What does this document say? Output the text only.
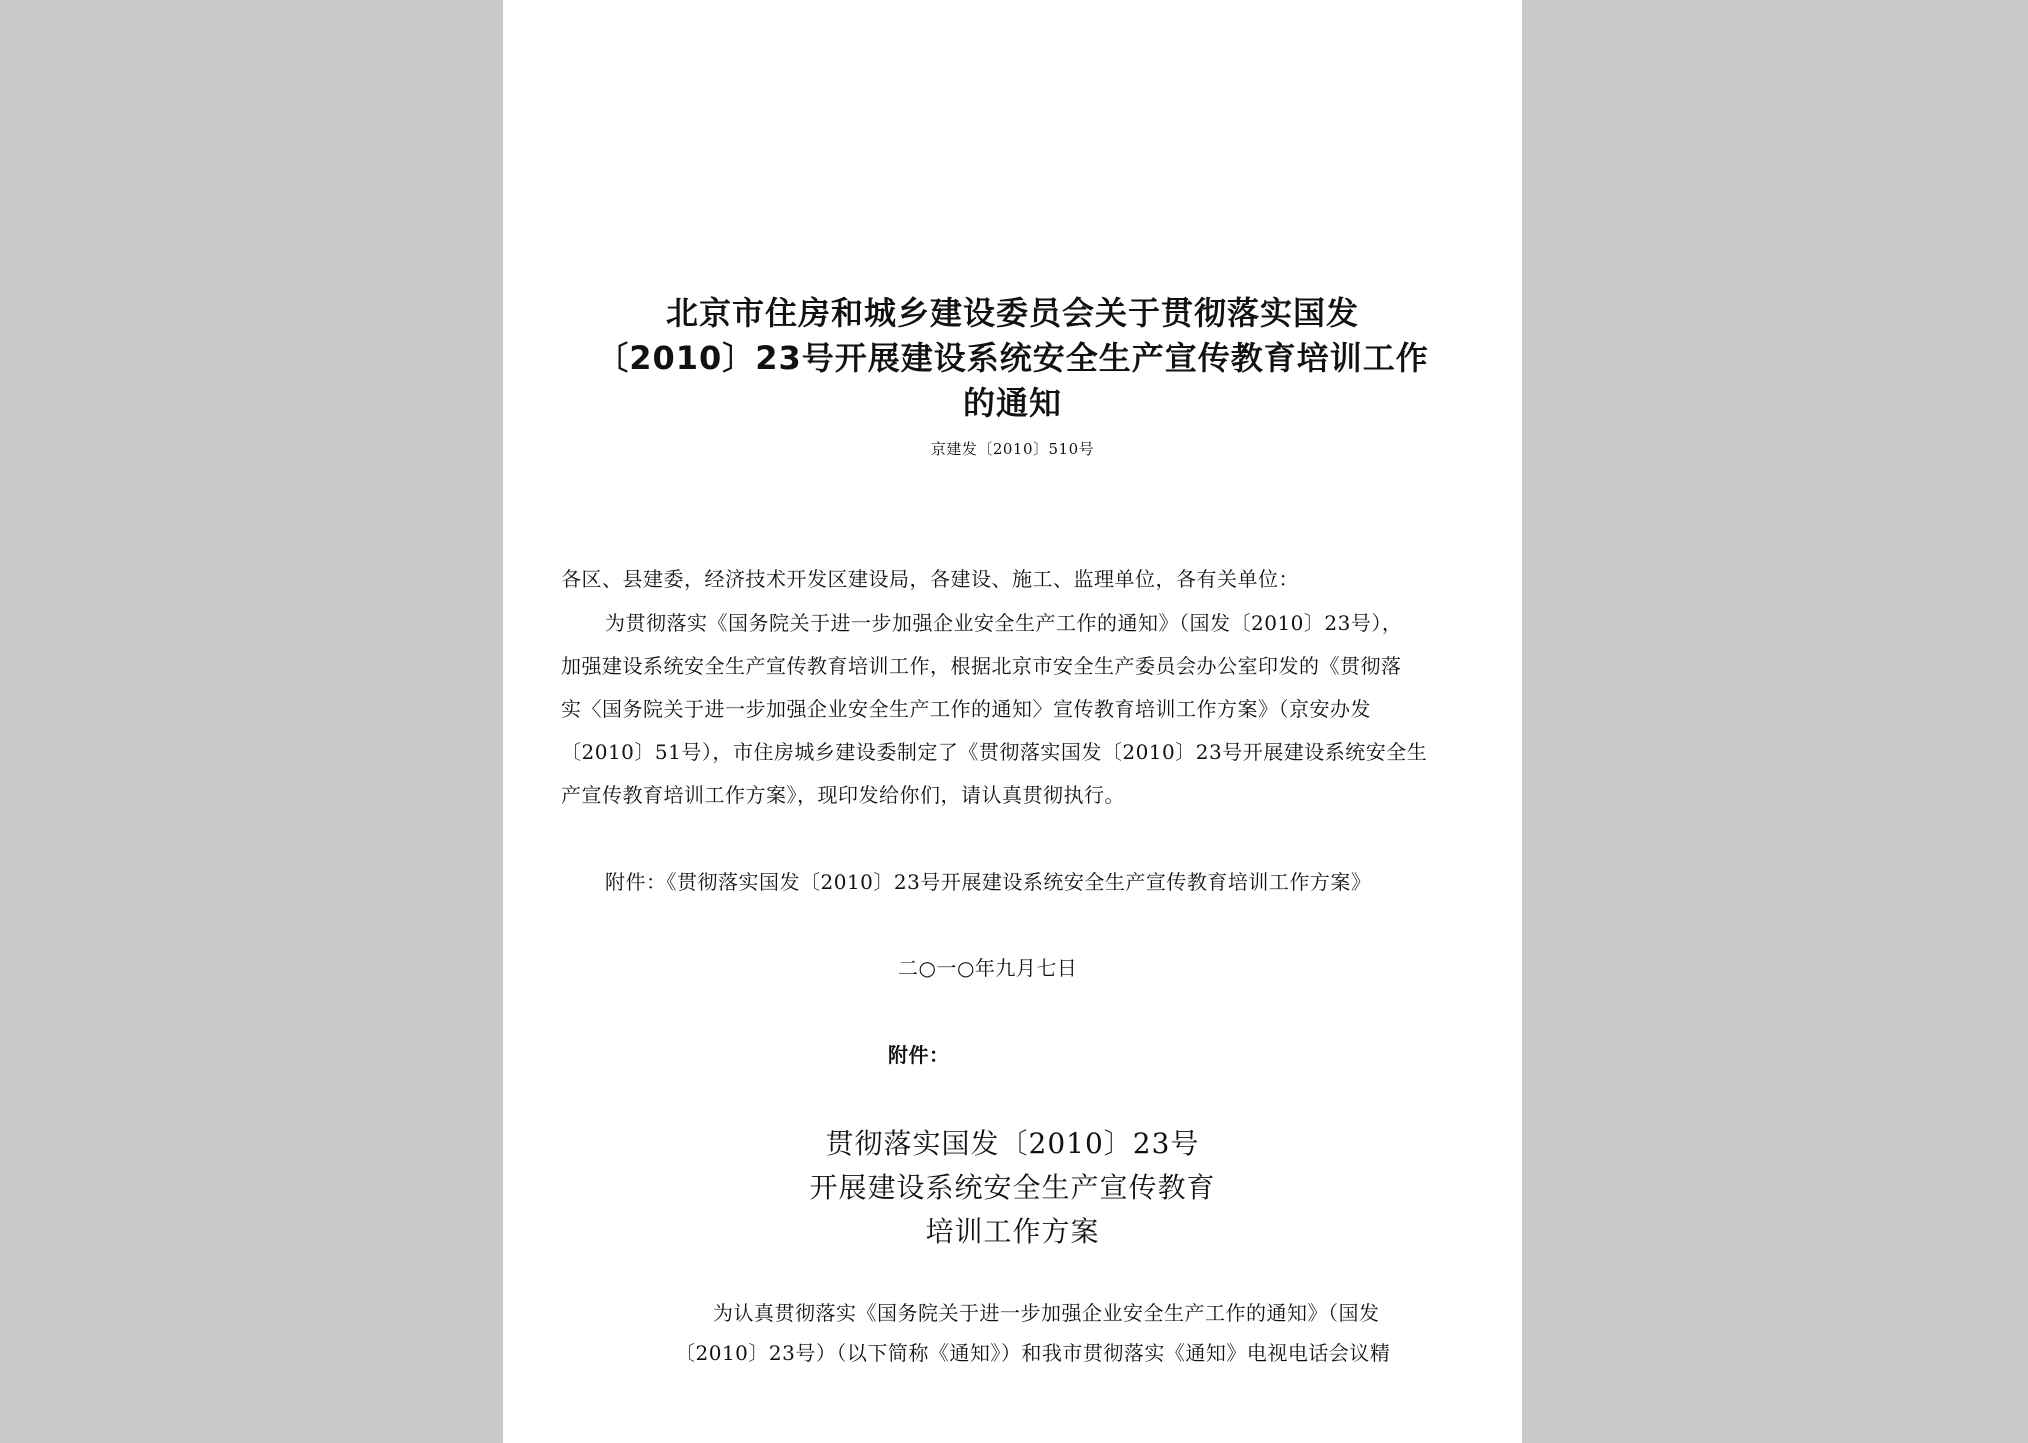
北京市住房和城乡建设委员会关于贯彻落实国发
〔2010〕23号开展建设系统安全生产宣传教育培训工作
的通知
京建发〔2010〕510号
各区、县建委，经济技术开发区建设局，各建设、施工、监理单位，各有关单位：
为贯彻落实《国务院关于进一步加强企业安全生产工作的通知》（国发〔2010〕23号），
加强建设系统安全生产宣传教育培训工作，根据北京市安全生产委员会办公室印发的《贯彻落
实〈国务院关于进一步加强企业安全生产工作的通知〉宣传教育培训工作方案》（京安办发
〔2010〕51号），市住房城乡建设委制定了《贯彻落实国发〔2010〕23号开展建设系统安全生
产宣传教育培训工作方案》，现印发给你们，请认真贯彻执行。
附件：《贯彻落实国发〔2010〕23号开展建设系统安全生产宣传教育培训工作方案》
二○一○年九月七日
附件：
贯彻落实国发〔2010〕23号
开展建设系统安全生产宣传教育
培训工作方案
为认真贯彻落实《国务院关于进一步加强企业安全生产工作的通知》（国发
〔2010〕23号）（以下简称《通知》）和我市贯彻落实《通知》电视电话会议精
